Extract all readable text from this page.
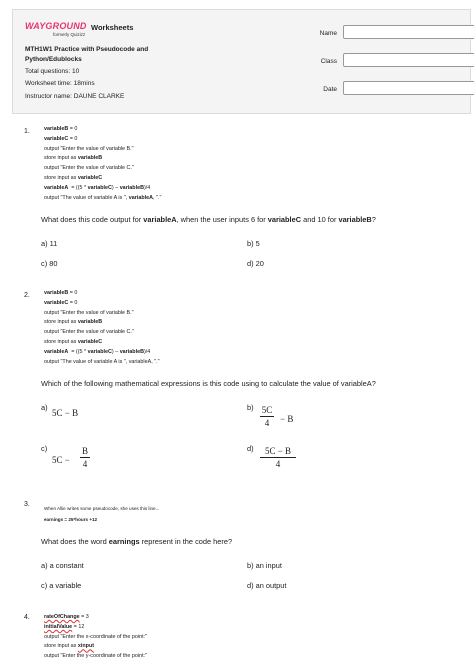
WAYGROUND
formerly Quizizz
Worksheets
MTH1W1 Practice with Pseudocode and
Python/Edublocks
Total questions: 10
Worksheet time: 18mins
Instructor name: DAUNE CLARKE
Name
Class
Date
1.	variableB = 0
variableC = 0
output "Enter the value of variable B."
store input as variableB
output "Enter the value of variable C."
store input as variableC
variableA  = ((5 * variableC) – variableB)/4
output "The value of variable A is ", variableA, "."
What does this code output for variableA, when the user inputs 6 for variableC and 10 for variableB?
a) 11	b) 5
c) 80	d) 20
2.	variableB = 0
variableC = 0
output "Enter the value of variable B."
store input as variableB
output "Enter the value of variable C."
store input as variableC
variableA  = ((5 * variableC) – variableB)/4
output "The value of variable A is ", variableA, "."
Which of the following mathematical expressions is this code using to calculate the value of variableA?
a)
5C − B
b) 5C
4 − B
c)
5C −
B
4
d) 5C − B
4
3.
When Allie writes some pseudocode, she uses this line...
earnings = 25*hours +12
What does the word earnings represent in the code here?
a) a constant	b) an input
c) a variable	d) an output
4.	rateOfChange = 3
initialValue = 12
output "Enter the x-coordinate of the point:"
store input as xinput
output "Enter the y-coordinate of the point:"
